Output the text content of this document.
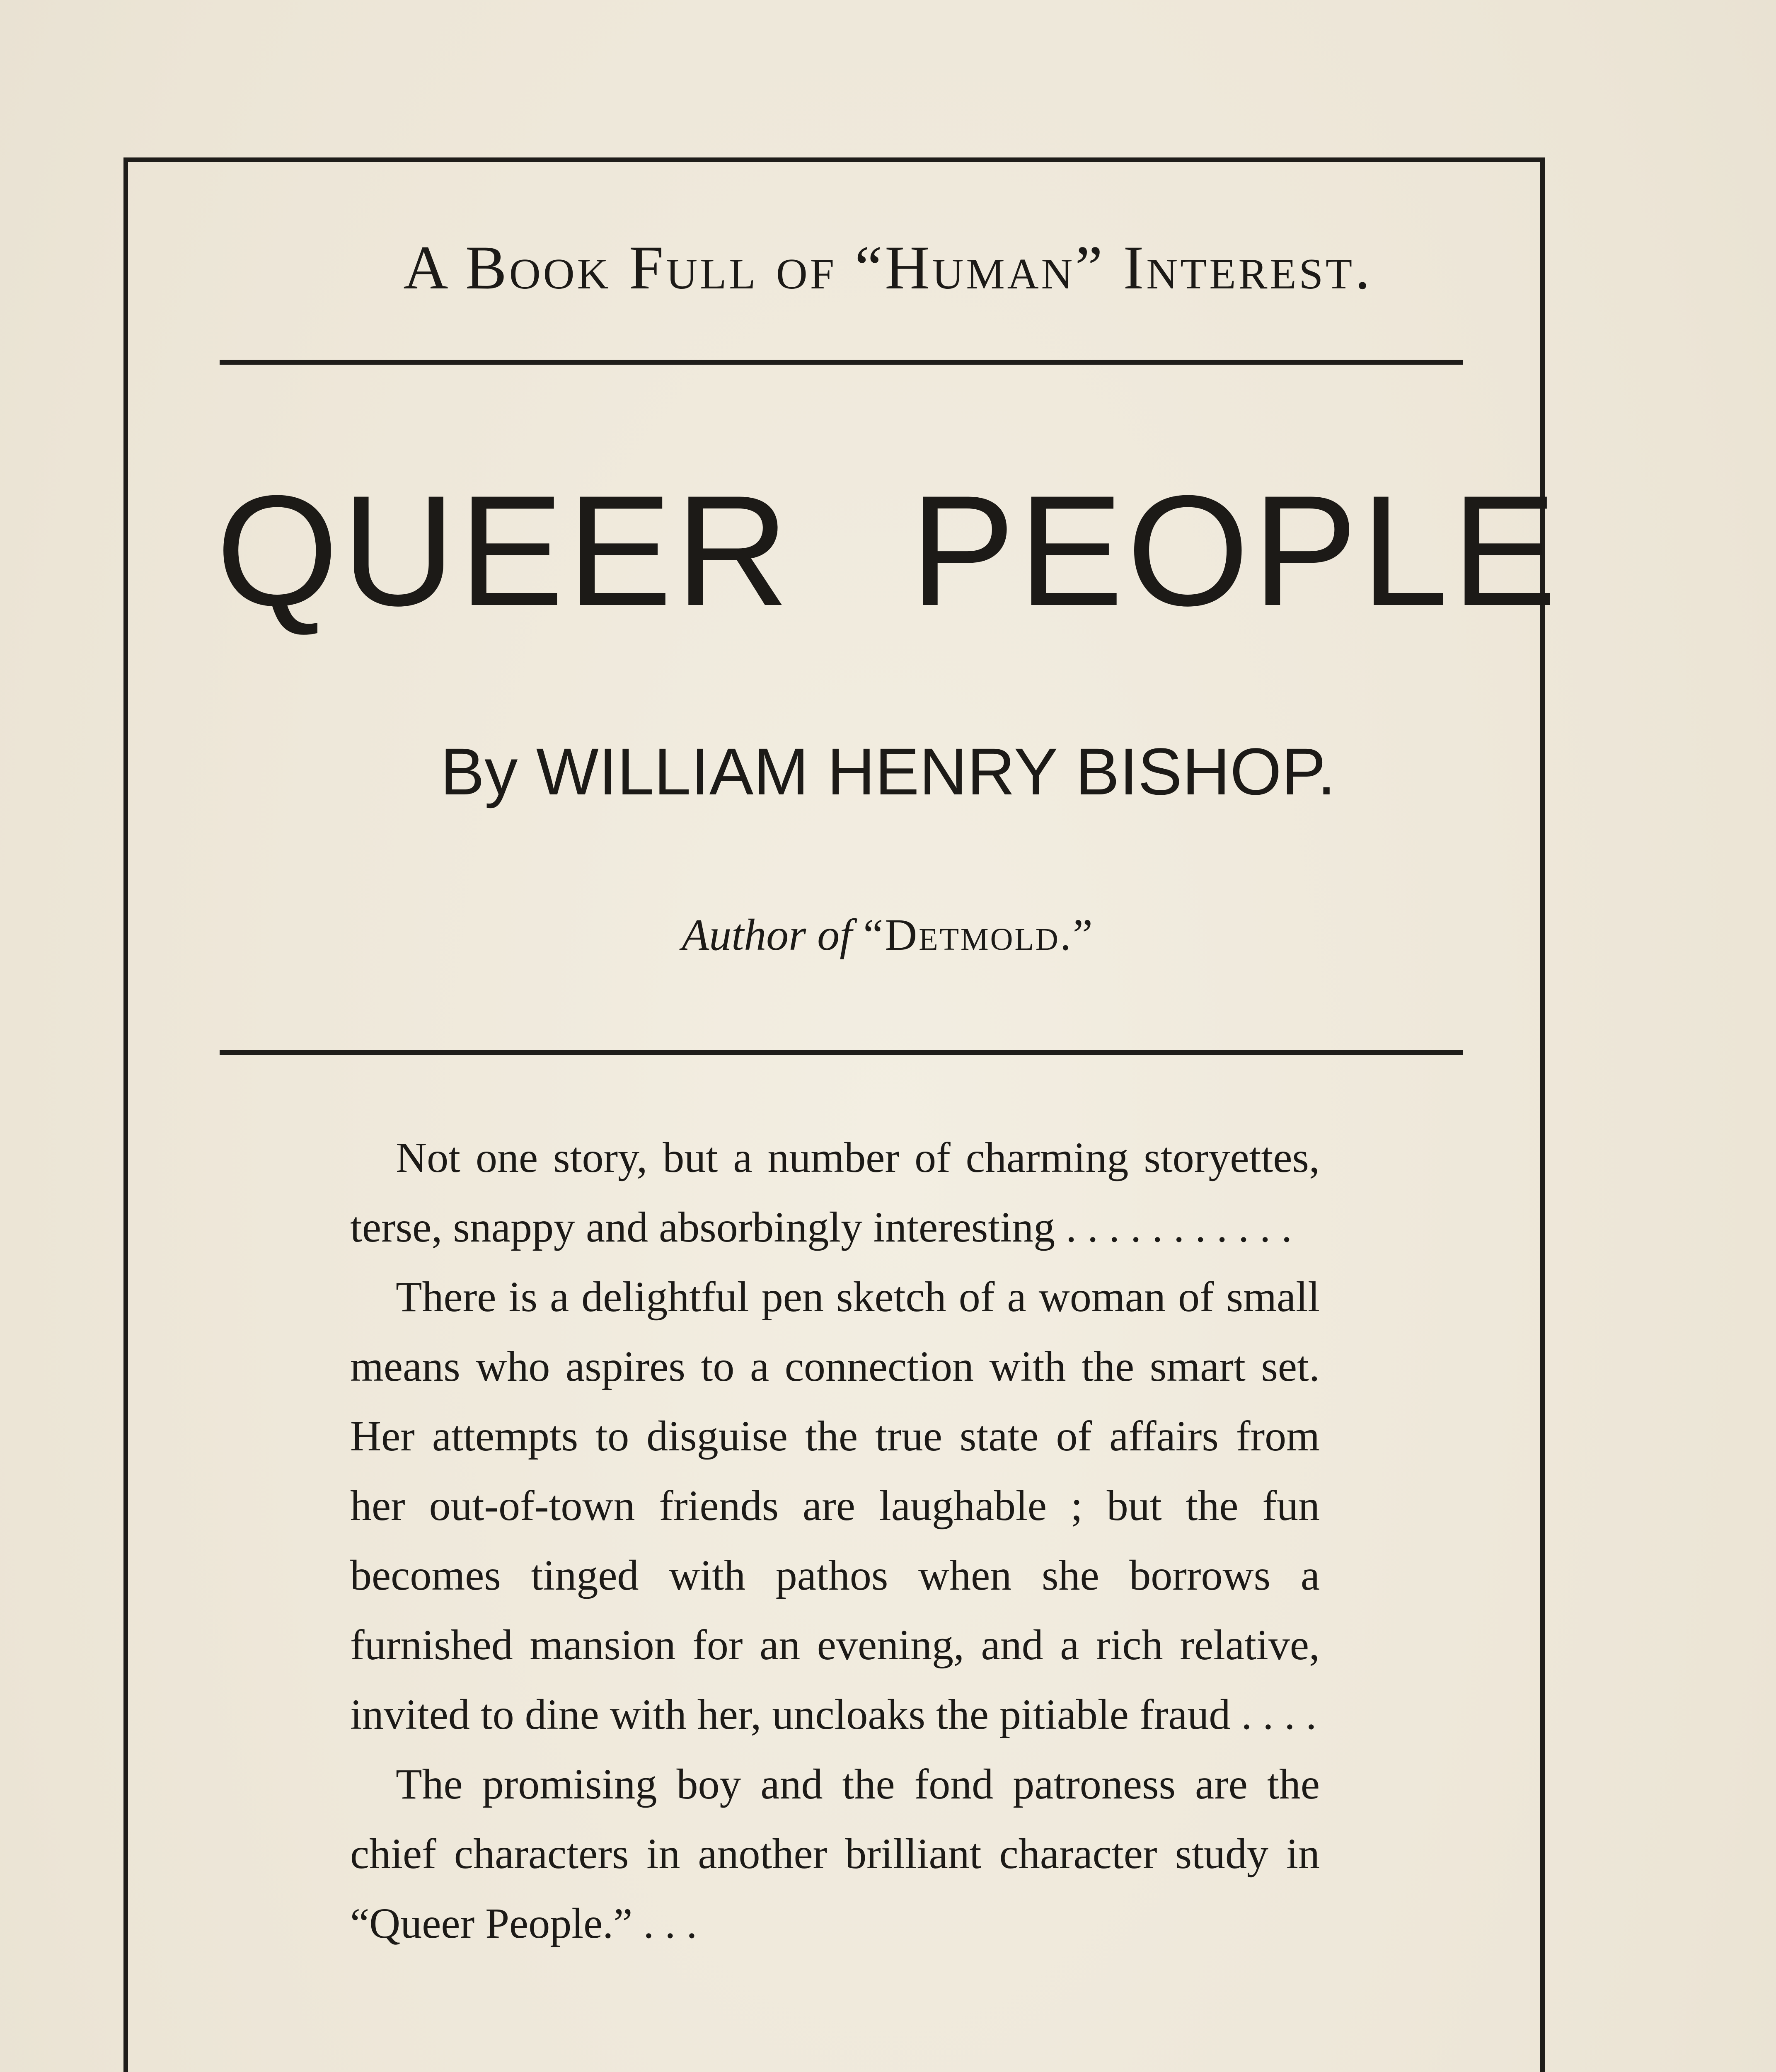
A Book Full of “Human” Interest.
QUEER PEOPLE
By WILLIAM HENRY BISHOP.
Author of “Detmold.”

Not one story, but a number of charming storyettes, terse, snappy and absorbingly interesting . . . . . . . . . . .

There is a delightful pen sketch of a woman of small means who aspires to a connection with the smart set. Her attempts to disguise the true state of affairs from her out-of-town friends are laughable ; but the fun becomes tinged with pathos when she borrows a furnished mansion for an evening, and a rich relative, invited to dine with her, uncloaks the pitiable fraud . . . .

The promising boy and the fond patroness are the chief characters in another brilliant character study in “Queer People.” . . .
